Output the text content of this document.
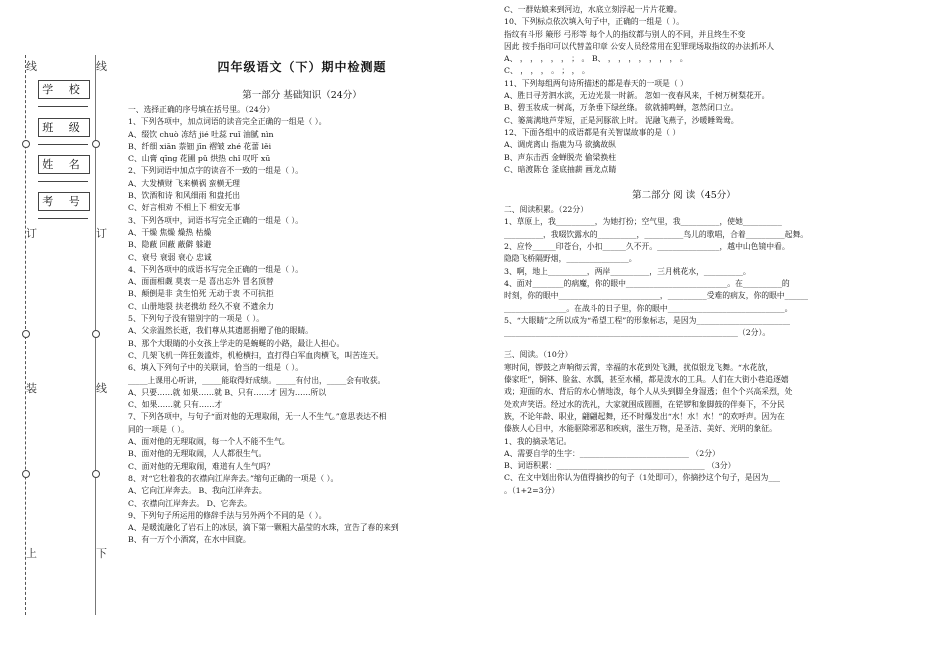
线	线
订	订
装	线
上	下
学 校
班 级
姓 名
考 号
四年级语文（下）期中检测题
第一部分 基础知识（24分）
一、选择正确的序号填在括号里。（24分）
1、下列各项中，加点词语的读音完全正确的一组是（ ）。
A、缀饮 chuò 冻结 jié 吐蕊 ruǐ 油腻 nìn
B、纤细 xiān 萘钿 jīn 褶皱 zhé 花蕾 lěi
C、山膏 qīng 花圃 pǔ 烘热 chǐ 叹吁 xū
2、下列词语中加点字的读音不一致的一组是（ ）。
A、大发横财 飞来横祸 蛮横无理
B、饮酒和诗 和风细雨 和盘托出
C、好言相劝 不相上下 相安无事
3、下列各项中，词语书写完全正确的一组是（ ）。
A、干燥 焦燥 燥热 枯燥
B、隐蔽 回蔽 蔽僻 躲避
C、衰号 衰弱 衰心 忠诚
4、下列各项中的成语书写完全正确的一组是（ ）。
A、面面相觑 莫衷一是 喜出忘外 冒名顶替
B、颠倒是非 贪生怕死 无动于衷 不可抗拒
C、山册地裂 扶老携幼 经久不衰 不遗余力
5、下列句子没有错别字的一项是（ ）。
A、父亲温然长逝，我们尊从其遗愿捐赠了他的眼睛。
B、那个大眼睛的小女孩上学走的是蜿蜒的小路，最让人担心。
C、几架飞机一阵狂轰滥炸，机枪横扫，直打得白军血肉横飞，叫苦连天。
6、填入下列句子中的关联词，恰当的一组是（ ）。
_____上课用心听讲，_____能取得好成绩。_____有付出，_____会有收获。
A、只要……就 如果……就 B、只有……才 因为……所以
C、如果……就 只有……才
7、下列各项中，与句子“面对他的无理取闹，无一人不生气。”意思表达不相
同的一项是（ ）。
A、面对他的无理取闹，每一个人不能不生气。
B、面对他的无理取闹，人人都很生气。
C、面对他的无理取闹，难道有人生气吗？
8、对“它牡着我的衣襟向江岸奔去。”缩句正确的一项是（ ）。
A、它向江岸奔去。 B、我向江岸奔去。
C、衣襟向江岸奔去。 D、它奔去。
9、下列句子所运用的修辞手法与另外两个不同的是（ ）。
A、是暖流融化了岩石上的冰层，滴下第一颗粗大晶莹的水珠，宣告了春的来到
B、有一万个小酒窝，在水中回旋。
C、一群姑娘来到河边，水底立刻浮起一片片花瓣。
10、下列标点依次填入句子中，正确的一组是（ ）。
指纹有斗形 簸形 弓形等 每个人的指纹都与别人的不同，并且终生不变
因此 按手指印可以代替盖印章 公安人员经常用在犯罪现场取指纹的办法抓坏人
A、 ， ， ， ， ， ； 。 B、 ， ， ， ， ， ， ， 。
C、 ， ， ， 。 ； ， 。
11、下列每组两句诗所描述的都是春天的一项是（ ）
A、胜日寻芳泗水滨，无边光景一时新。 忽如一夜春风来，千树万树梨花开。
B、碧玉妆成一树高，万条垂下绿丝绦。 欲就捕鸣蝉，忽然闭口立。
C、篓蒿满地芦芽短，正是河豚欲上时。 泥融飞燕子，沙暖睡鸳鸯。
12、下面各组中的成语都是有关智谋故事的是（ ）
A、调虎离山 指鹿为马 欲擒故纵
B、声东击西 金蝉脱壳 偷梁换柱
C、暗渡陈仓 釜底抽薪 画龙点睛
第二部分 阅 读（45分）
二、阅读积累。（22分）
1、草原上，我__________，为她打扮；空气里，我__________，使她__________
__________，我啜饮露水的__________，__________鸟儿的歌唱，合着__________起舞。
2、应怜______印苍台，小扣______久不开。________________，越中山色镜中看。
隐隐飞桥隔野烟，________________。
3、啊，地上__________，两岸__________，三月桃花水，__________。
4、面对________的病魔，你的眼中__________________________。在__________的
时刻，你的眼中__________________________，__________受难的病友，你的眼中______
________________。在战斗的日子里，你的眼中______________________________。
5、“大眼睛”之所以成为“希望工程”的形象标志，是因为________________________
____________________________________________________________（2分）。
三、阅读。（10分）
寒时间，锣鼓之声响彻云霄，幸福的水花到处飞溅，扰似银龙飞舞。“水花放，
傣家旺”，铜钵、脸盆、水瓢，甚至水桶，都是泼水的工具。人们在大街小巷追逐嬉
戏；迎面的水、背后的水心情地泼，每个人从头到脚全身湿透；但个个兴高采烈，处
处欢声笑语。经过水的洗礼，大家就围成圆圈，在铓锣和象脚鼓的伴奏下，不分民
族，不论年龄、职业，翩翩起舞，还不时爆发出“水！水！水！”的欢呼声。因为在
傣族人心目中，水能驱除邪恶和疾病，滋生万物，是圣洁、美好、光明的象征。
1、我的摘录笔记。
A、需要自学的生字：____________________________ （2分）
B、词语积累：______________________________________ （3分）
C、在文中划出你认为值得摘抄的句子（1处即可），你摘抄这个句子，是因为___
。（1+2=3分）
